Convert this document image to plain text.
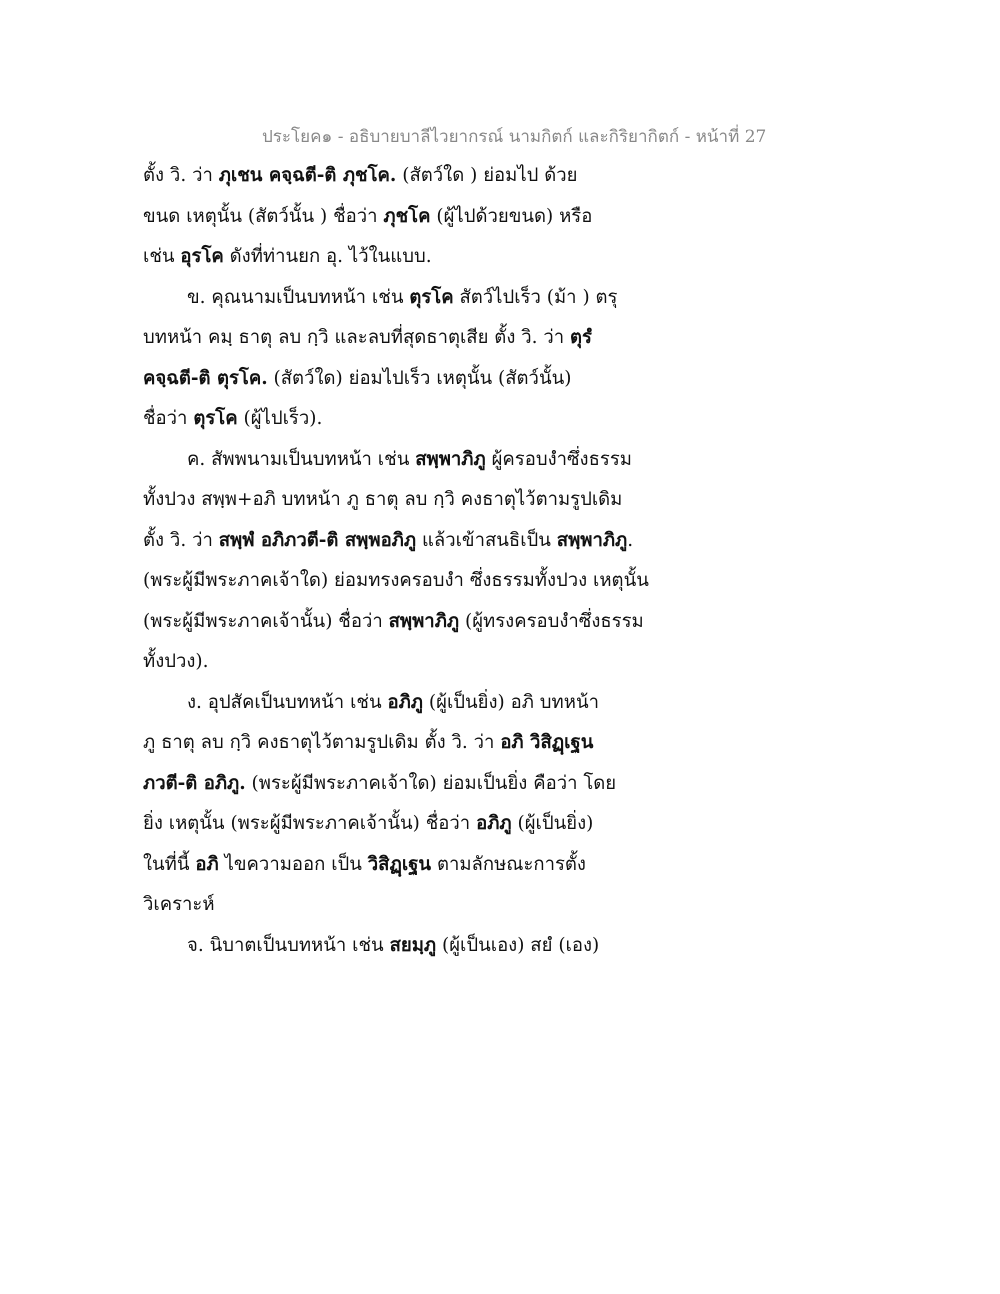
ประโยค๑ - อธิบายบาลีไวยากรณ์ นามกิตก์ และกิริยากิตก์ - หน้าที่ 27
ตั้ง วิ. ว่า ภุเชน คจฺฉตี-ติ ภุชโค. (สัตว์ใด ) ย่อมไป ด้วย
ขนด เหตุนั้น (สัตว์นั้น ) ชื่อว่า ภุชโค (ผู้ไปด้วยขนด) หรือ
เช่น อุรโค ดังที่ท่านยก อุ. ไว้ในแบบ.
ข. คุณนามเป็นบทหน้า เช่น ตุรโค สัตว์ไปเร็ว (ม้า ) ตรุ
บทหน้า คมฺ ธาตุ ลบ กฺวิ และลบที่สุดธาตุเสีย ตั้ง วิ. ว่า ตุรํ
คจฺฉตี-ติ ตุรโค. (สัตว์ใด) ย่อมไปเร็ว เหตุนั้น (สัตว์นั้น)
ชื่อว่า ตุรโค (ผู้ไปเร็ว).
ค. สัพพนามเป็นบทหน้า เช่น สพฺพาภิภู ผู้ครอบงำซึ่งธรรม
ทั้งปวง สพฺพ+อภิ บทหน้า ภู ธาตุ ลบ กฺวิ คงธาตุไว้ตามรูปเดิม
ตั้ง วิ. ว่า สพฺพํ อภิภวตี-ติ สพฺพอภิภู แล้วเข้าสนธิเป็น สพฺพาภิภู.
(พระผู้มีพระภาคเจ้าใด) ย่อมทรงครอบงำ ซึ่งธรรมทั้งปวง เหตุนั้น
(พระผู้มีพระภาคเจ้านั้น) ชื่อว่า สพฺพาภิภู (ผู้ทรงครอบงำซึ่งธรรม
ทั้งปวง).
ง. อุปสัคเป็นบทหน้า เช่น อภิภู (ผู้เป็นยิ่ง) อภิ บทหน้า
ภู ธาตุ ลบ กฺวิ คงธาตุไว้ตามรูปเดิม ตั้ง วิ. ว่า อภิ วิสิฏฺเฐน
ภวตี-ติ อภิภู. (พระผู้มีพระภาคเจ้าใด) ย่อมเป็นยิ่ง คือว่า โดย
ยิ่ง เหตุนั้น (พระผู้มีพระภาคเจ้านั้น) ชื่อว่า อภิภู (ผู้เป็นยิ่ง)
ในที่นี้ อภิ ไขความออก เป็น วิสิฏฺเฐน ตามลักษณะการตั้ง
วิเคราะห์
จ. นิบาตเป็นบทหน้า เช่น สยมฺภู (ผู้เป็นเอง) สยํ (เอง)
